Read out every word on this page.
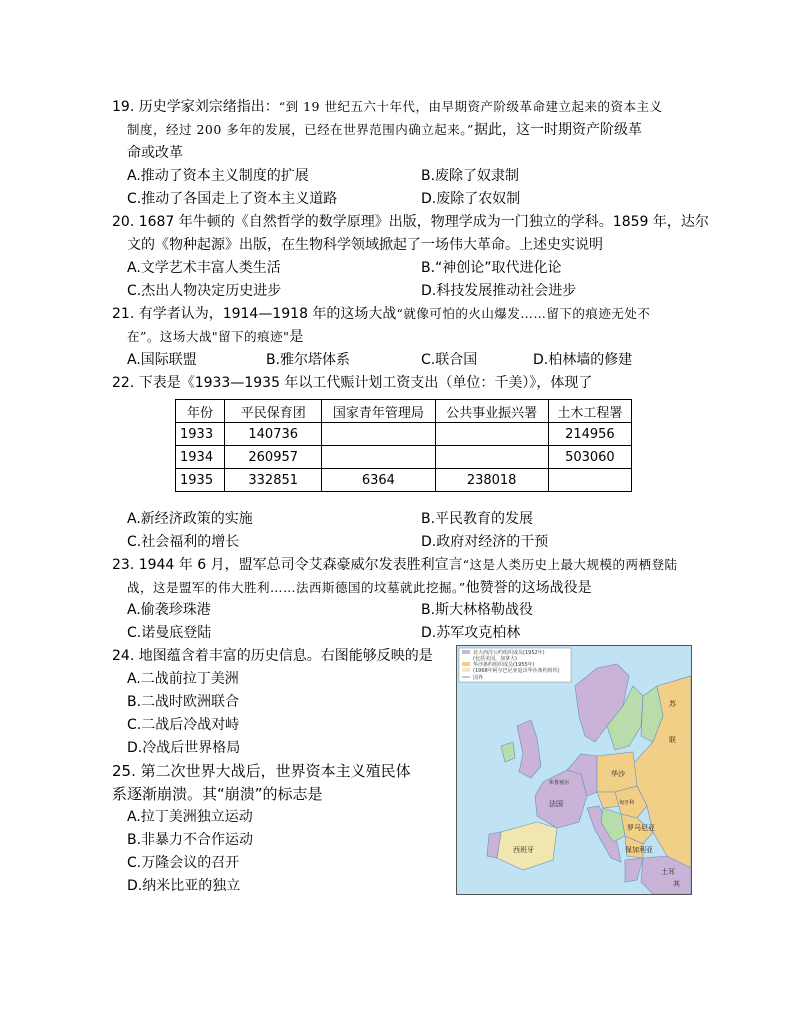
19. 历史学家刘宗绪指出：“到 19 世纪五六十年代，由早期资产阶级革命建立起来的资本主义
制度，经过 200 多年的发展，已经在世界范围内确立起来。”据此，这一时期资产阶级革
命或改革
A.推动了资本主义制度的扩展	B.废除了奴隶制
C.推动了各国走上了资本主义道路	D.废除了农奴制
20. 1687 年牛顿的《自然哲学的数学原理》出版，物理学成为一门独立的学科。1859 年，达尔
文的《物种起源》出版，在生物科学领域掀起了一场伟大革命。上述史实说明
A.文学艺术丰富人类生活	B.“神创论”取代进化论
C.杰出人物决定历史进步	D.科技发展推动社会进步
21. 有学者认为，1914—1918 年的这场大战“就像可怕的火山爆发……留下的痕迹无处不
在”。这场大战"留下的痕迹"是
A.国际联盟	B.雅尔塔体系	C.联合国	D.柏林墙的修建
22. 下表是《1933—1935 年以工代赈计划工资支出（单位：千美）》，体现了
年份	平民保育团	国家青年管理局	公共事业振兴署	土木工程署
1933	140736			214956
1934	260957			503060
1935	332851	6364	238018	
A.新经济政策的实施	B.平民教育的发展
C.社会福利的增长	D.政府对经济的干预
23. 1944 年 6 月，盟军总司令艾森豪威尔发表胜利宣言“这是人类历史上最大规模的两栖登陆
战，这是盟军的伟大胜利……法西斯德国的坟墓就此挖掘。”他赞誉的这场战役是
A.偷袭珍珠港	B.斯大林格勒战役
C.诺曼底登陆	D.苏军攻克柏林
24. 地图蕴含着丰富的历史信息。右图能够反映的是
A.二战前拉丁美洲
B.二战时欧洲联合
C.二战后冷战对峙
D.冷战后世界格局
25. 第二次世界大战后，世界资本主义殖民体
系逐渐崩溃。其“崩溃”的标志是
A.拉丁美洲独立运动
B.非暴力不合作运动
C.万隆会议的召开
D.纳米比亚的独立
北大西洋公约组织成员(1952年)
(包括美国、加拿大)
华沙条约组织成员(1955年)
(1968年阿尔巴尼亚退出华沙条约组织)
国界
法国
西班牙
罗马尼亚
保加利亚
华沙
苏
联
土耳
其
布鲁塞尔
匈牙利
